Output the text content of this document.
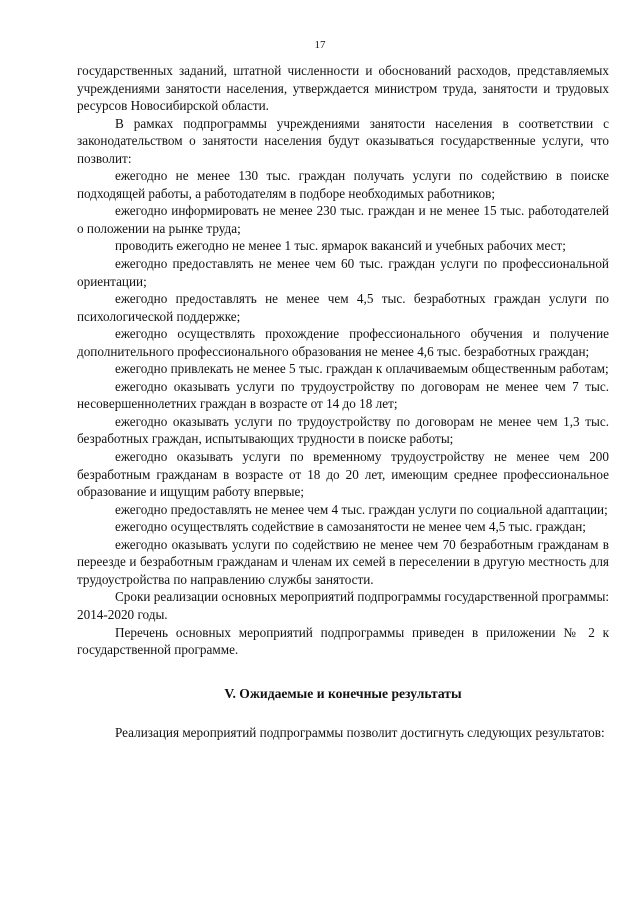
17

государственных заданий, штатной численности и обоснований расходов, представляемых учреждениями занятости населения, утверждается министром труда, занятости и трудовых ресурсов Новосибирской области.

В рамках подпрограммы учреждениями занятости населения в соответствии с законодательством о занятости населения будут оказываться государственные услуги, что позволит:

ежегодно не менее 130 тыс. граждан получать услуги по содействию в поиске подходящей работы, а работодателям в подборе необходимых работников;

ежегодно информировать не менее 230 тыс. граждан и не менее 15 тыс. работодателей о положении на рынке труда;

проводить ежегодно не менее 1 тыс. ярмарок вакансий и учебных рабочих мест;

ежегодно предоставлять не менее чем 60 тыс. граждан услуги по профессиональной ориентации;

ежегодно предоставлять не менее чем 4,5 тыс. безработных граждан услуги по психологической поддержке;

ежегодно осуществлять прохождение профессионального обучения и получение дополнительного профессионального образования не менее 4,6 тыс. безработных граждан;

ежегодно привлекать не менее 5 тыс. граждан к оплачиваемым общественным работам;

ежегодно оказывать услуги по трудоустройству по договорам не менее чем 7 тыс. несовершеннолетних граждан в возрасте от 14 до 18 лет;

ежегодно оказывать услуги по трудоустройству по договорам не менее чем 1,3 тыс. безработных граждан, испытывающих трудности в поиске работы;

ежегодно оказывать услуги по временному трудоустройству не менее чем 200 безработным гражданам в возрасте от 18 до 20 лет, имеющим среднее профессиональное образование и ищущим работу впервые;

ежегодно предоставлять не менее чем 4 тыс. граждан услуги по социальной адаптации;

ежегодно осуществлять содействие в самозанятости не менее чем 4,5 тыс. граждан;

ежегодно оказывать услуги по содействию не менее чем 70 безработным гражданам в переезде и безработным гражданам и членам их семей в переселении в другую местность для трудоустройства по направлению службы занятости.

Сроки реализации основных мероприятий подпрограммы государственной программы: 2014-2020 годы.

Перечень основных мероприятий подпрограммы приведен в приложении № 2 к государственной программе.

V. Ожидаемые и конечные результаты

Реализация мероприятий подпрограммы позволит достигнуть следующих результатов:
